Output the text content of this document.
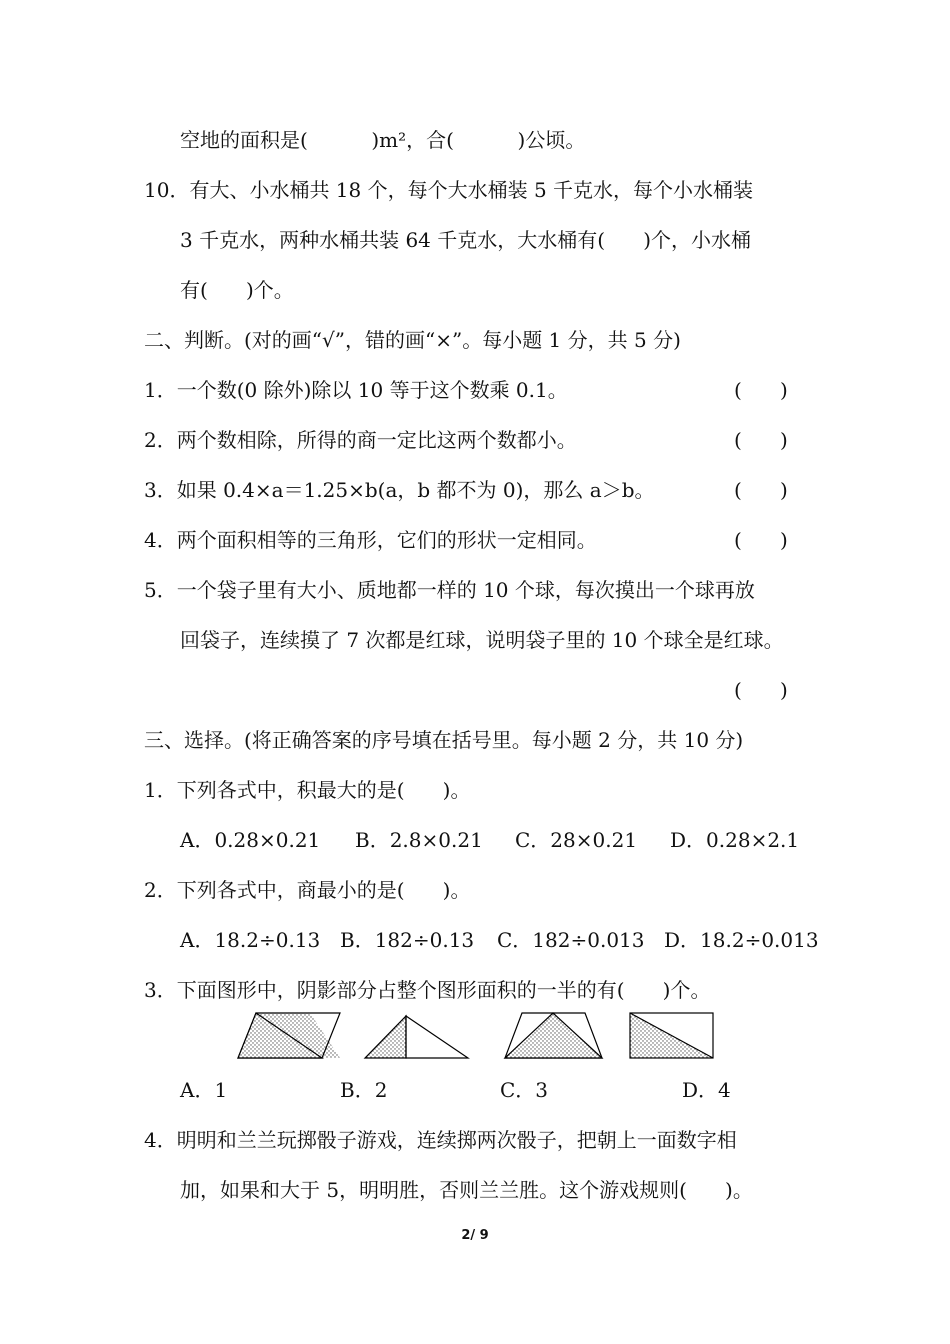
空地的面积是(          )m²，合(          )公顷。
10．有大、小水桶共 18 个，每个大水桶装 5 千克水，每个小水桶装
3 千克水，两种水桶共装 64 千克水，大水桶有(      )个，小水桶
有(      )个。
二、判断。(对的画“√”，错的画“×”。每小题 1 分，共 5 分)
1．一个数(0 除外)除以 10 等于这个数乘 0.1。	(      )
2．两个数相除，所得的商一定比这两个数都小。	(      )
3．如果 0.4×a＝1.25×b(a，b 都不为 0)，那么 a＞b。	(      )
4．两个面积相等的三角形，它们的形状一定相同。	(      )
5．一个袋子里有大小、质地都一样的 10 个球，每次摸出一个球再放
回袋子，连续摸了 7 次都是红球，说明袋子里的 10 个球全是红球。
(      )
三、选择。(将正确答案的序号填在括号里。每小题 2 分，共 10 分)
1．下列各式中，积最大的是(      )。
A．0.28×0.21 B．2.8×0.21 C．28×0.21 D．0.28×2.1
2．下列各式中，商最小的是(      )。
A．18.2÷0.13 B．182÷0.13 C．182÷0.013 D．18.2÷0.013
3．下面图形中，阴影部分占整个图形面积的一半的有(      )个。
A．1	B．2	C．3	D．4
4．明明和兰兰玩掷骰子游戏，连续掷两次骰子，把朝上一面数字相
加，如果和大于 5，明明胜，否则兰兰胜。这个游戏规则(      )。
2/ 9
